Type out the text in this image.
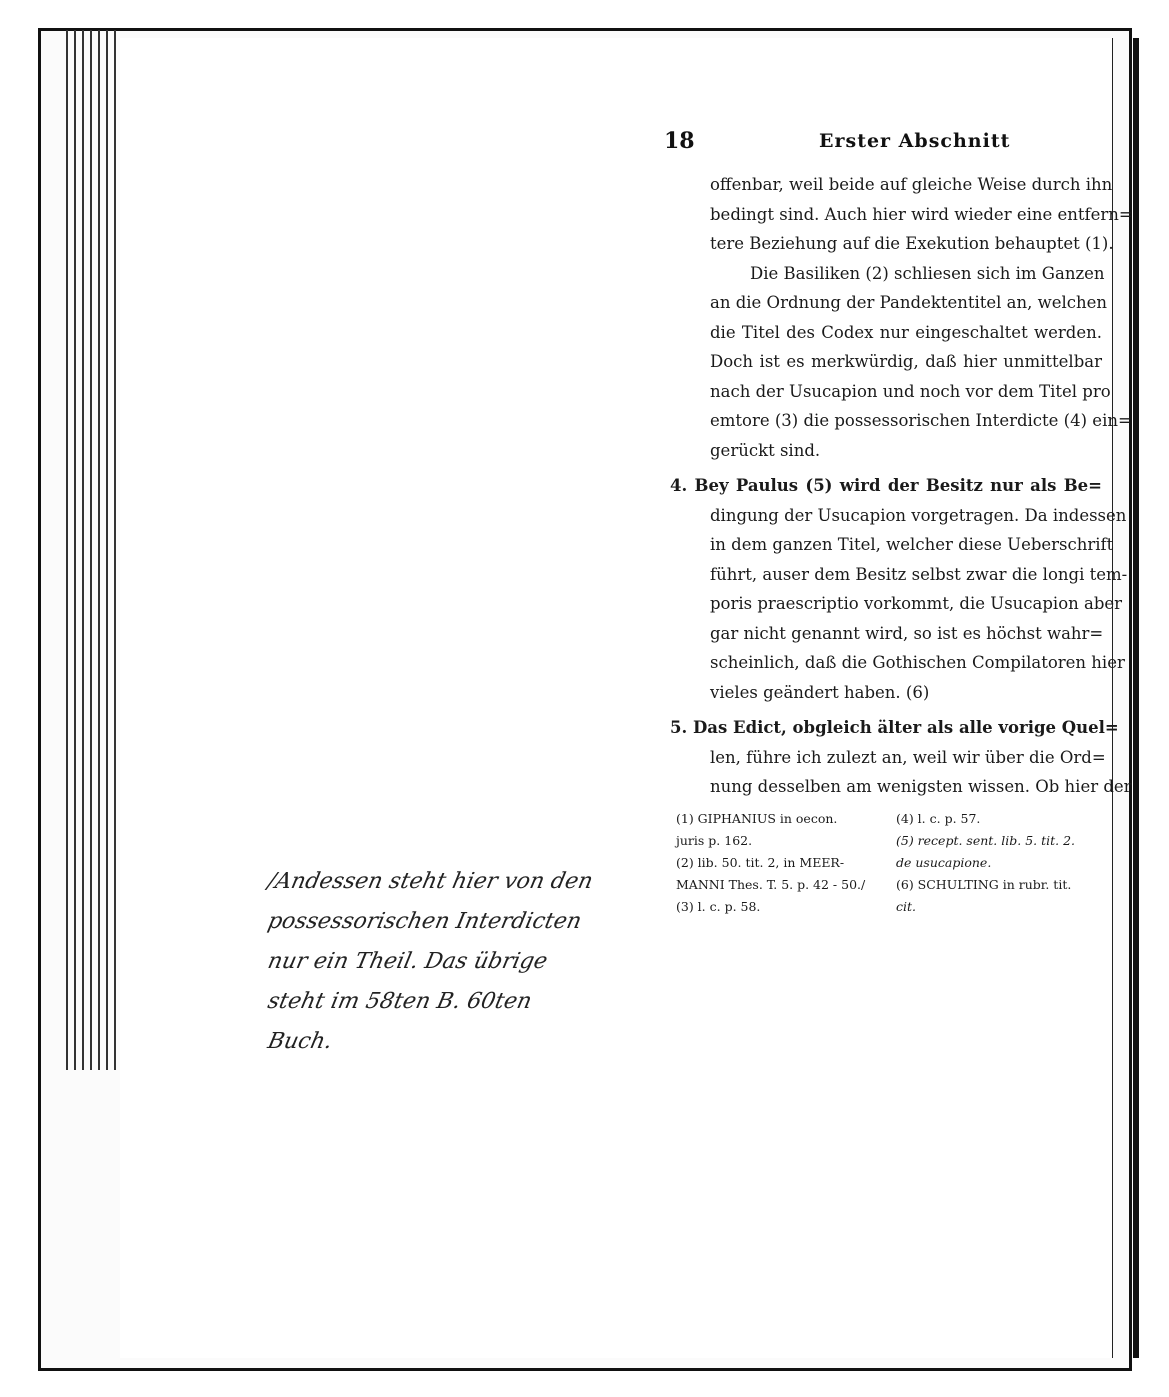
18	Erster Abschnitt
offenbar, weil beide auf gleiche Weise durch ihn
bedingt sind. Auch hier wird wieder eine entfern=
tere Beziehung auf die Exekution behauptet (1).
Die Basiliken (2) schliesen sich im Ganzen
an die Ordnung der Pandektentitel an, welchen
die Titel des Codex nur eingeschaltet werden.
Doch ist es merkwürdig, daß hier unmittelbar
nach der Usucapion und noch vor dem Titel pro
emtore (3) die possessorischen Interdicte (4) ein=
gerückt sind.
4. Bey Paulus (5) wird der Besitz nur als Be=
dingung der Usucapion vorgetragen. Da indessen
in dem ganzen Titel, welcher diese Ueberschrift
führt, auser dem Besitz selbst zwar die longi tem-
poris praescriptio vorkommt, die Usucapion aber
gar nicht genannt wird, so ist es höchst wahr=
scheinlich, daß die Gothischen Compilatoren hier
vieles geändert haben. (6)
5. Das Edict, obgleich älter als alle vorige Quel=
len, führe ich zulezt an, weil wir über die Ord=
nung desselben am wenigsten wissen. Ob hier der
(1) GIPHANIUS in oecon.
juris p. 162.
(2) lib. 50. tit. 2, in MEER-
MANNI Thes. T. 5. p. 42 - 50./
(3) l. c. p. 58.
(4) l. c. p. 57.
(5) recept. sent. lib. 5. tit. 2.
de usucapione.
(6) SCHULTING in rubr. tit.
cit.
/Andessen steht hier von den
possessorischen Interdicten
nur ein Theil. Das übrige
steht im 58ten B. 60ten
Buch.
